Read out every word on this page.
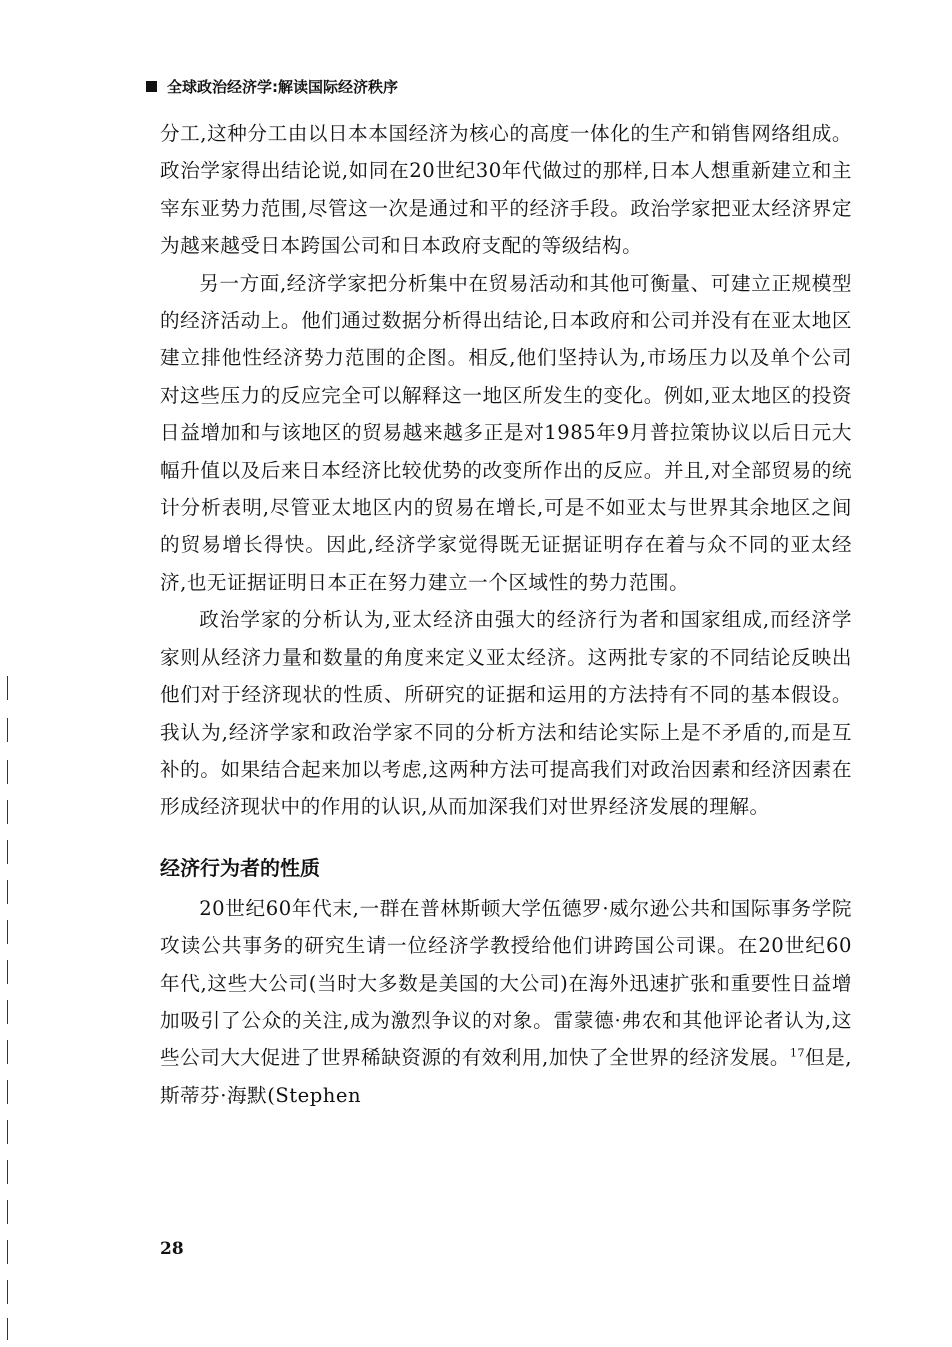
全球政治经济学:解读国际经济秩序

分工,这种分工由以日本本国经济为核心的高度一体化的生产和销售网络组成。政治学家得出结论说,如同在20世纪30年代做过的那样,日本人想重新建立和主宰东亚势力范围,尽管这一次是通过和平的经济手段。政治学家把亚太经济界定为越来越受日本跨国公司和日本政府支配的等级结构。

另一方面,经济学家把分析集中在贸易活动和其他可衡量、可建立正规模型的经济活动上。他们通过数据分析得出结论,日本政府和公司并没有在亚太地区建立排他性经济势力范围的企图。相反,他们坚持认为,市场压力以及单个公司对这些压力的反应完全可以解释这一地区所发生的变化。例如,亚太地区的投资日益增加和与该地区的贸易越来越多正是对1985年9月普拉策协议以后日元大幅升值以及后来日本经济比较优势的改变所作出的反应。并且,对全部贸易的统计分析表明,尽管亚太地区内的贸易在增长,可是不如亚太与世界其余地区之间的贸易增长得快。因此,经济学家觉得既无证据证明存在着与众不同的亚太经济,也无证据证明日本正在努力建立一个区域性的势力范围。

政治学家的分析认为,亚太经济由强大的经济行为者和国家组成,而经济学家则从经济力量和数量的角度来定义亚太经济。这两批专家的不同结论反映出他们对于经济现状的性质、所研究的证据和运用的方法持有不同的基本假设。我认为,经济学家和政治学家不同的分析方法和结论实际上是不矛盾的,而是互补的。如果结合起来加以考虑,这两种方法可提高我们对政治因素和经济因素在形成经济现状中的作用的认识,从而加深我们对世界经济发展的理解。

经济行为者的性质

20世纪60年代末,一群在普林斯顿大学伍德罗·威尔逊公共和国际事务学院攻读公共事务的研究生请一位经济学教授给他们讲跨国公司课。在20世纪60年代,这些大公司(当时大多数是美国的大公司)在海外迅速扩张和重要性日益增加吸引了公众的关注,成为激烈争议的对象。雷蒙德·弗农和其他评论者认为,这些公司大大促进了世界稀缺资源的有效利用,加快了全世界的经济发展。$^{17}$但是,斯蒂芬·海默(Stephen

28
